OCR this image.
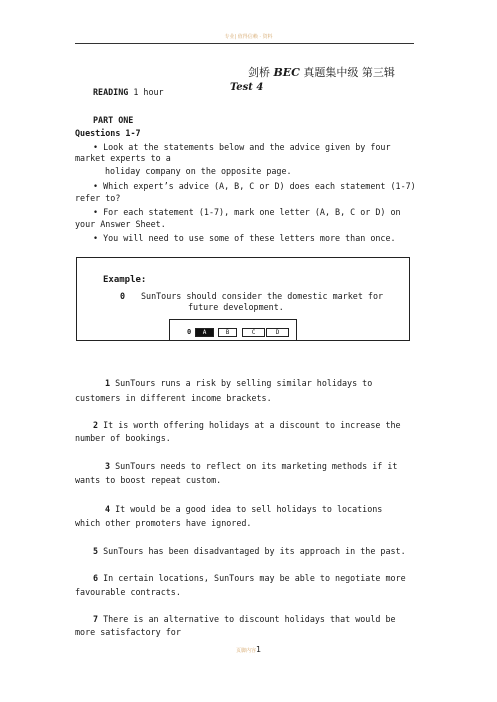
专业| 值得信赖 · 资料
剑桥 BEC 真题集中级 第三辑
Test 4
READING 1 hour
PART ONE
Questions 1-7
• Look at the statements below and the advice given by four
market experts to a
holiday company on the opposite page.
• Which expert’s advice (A, B, C or D) does each statement (1-7)
refer to?
• For each statement (1-7), mark one letter (A, B, C or D) on
your Answer Sheet.
• You will need to use some of these letters more than once.
Example:
0 SunTours should consider the domestic market for
future development.
0	A	B	C	D
1 SunTours runs a risk by selling similar holidays to
customers in different income brackets.
2 It is worth offering holidays at a discount to increase the
number of bookings.
3 SunTours needs to reflect on its marketing methods if it
wants to boost repeat custom.
4 It would be a good idea to sell holidays to locations
which other promoters have ignored.
5 SunTours has been disadvantaged by its approach in the past.
6 In certain locations, SunTours may be able to negotiate more
favourable contracts.
7 There is an alternative to discount holidays that would be
more satisfactory for
页脚内容1
